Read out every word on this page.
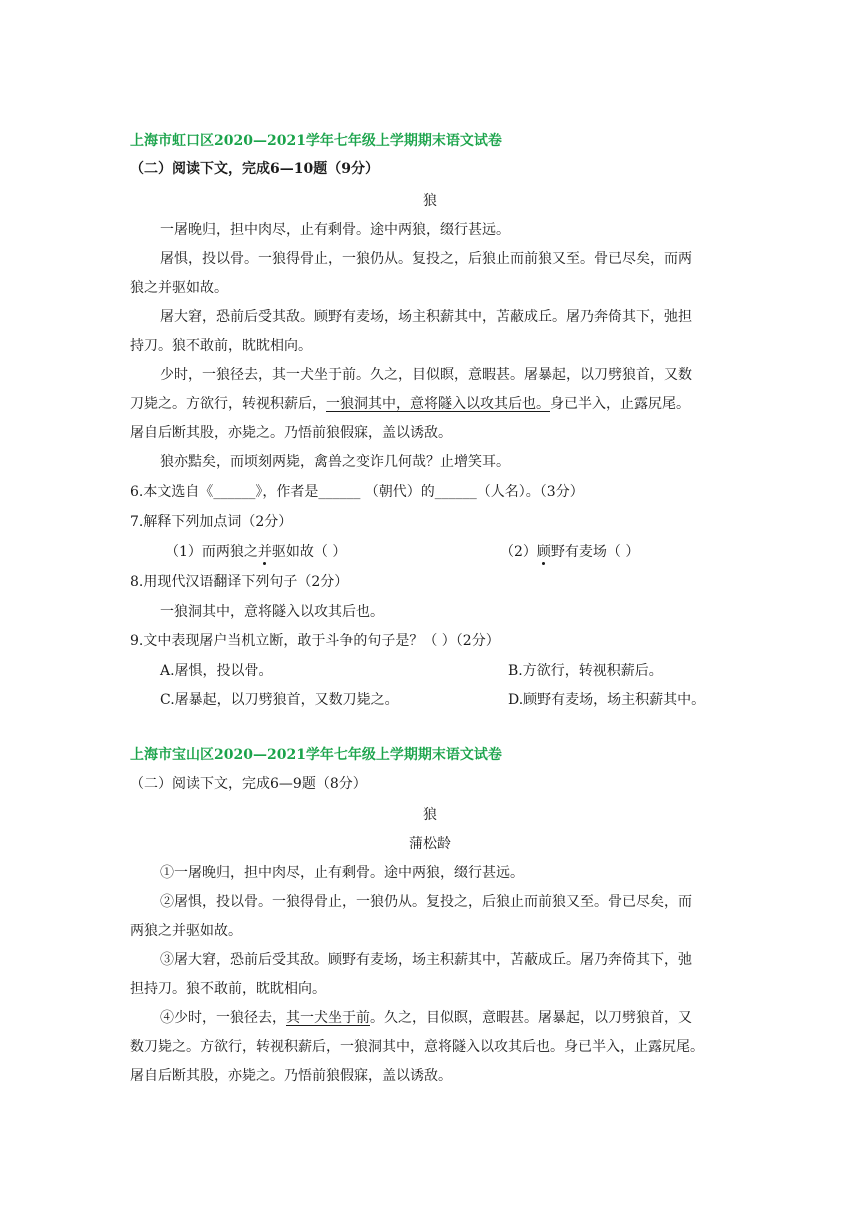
上海市虹口区2020—2021学年七年级上学期期末语文试卷
（二）阅读下文，完成6—10题（9分）
狼
一屠晚归，担中肉尽，止有剩骨。途中两狼，缀行甚远。
屠惧，投以骨。一狼得骨止，一狼仍从。复投之，后狼止而前狼又至。骨已尽矣，而两
狼之并驱如故。
屠大窘，恐前后受其敌。顾野有麦场，场主积薪其中，苫蔽成丘。屠乃奔倚其下，弛担
持刀。狼不敢前，眈眈相向。
少时，一狼径去，其一犬坐于前。久之，目似瞑，意暇甚。屠暴起，以刀劈狼首，又数
刀毙之。方欲行，转视积薪后，一狼洞其中，意将隧入以攻其后也。身已半入，止露尻尾。
屠自后断其股，亦毙之。乃悟前狼假寐，盖以诱敌。
狼亦黠矣，而顷刻两毙，禽兽之变诈几何哉？止增笑耳。
6.本文选自《______》，作者是______ （朝代）的______（人名）。（3分）
7.解释下列加点词（2分）
（1）而两狼之并驱如故（ ）	（2）顾野有麦场（ ）
8.用现代汉语翻译下列句子（2分）
一狼洞其中，意将隧入以攻其后也。
9.文中表现屠户当机立断，敢于斗争的句子是？（ ）（2分）
A.屠惧，投以骨。	B.方欲行，转视积薪后。
C.屠暴起，以刀劈狼首，又数刀毙之。	D.顾野有麦场，场主积薪其中。
上海市宝山区2020—2021学年七年级上学期期末语文试卷
（二）阅读下文，完成6—9题（8分）
狼
蒲松龄
①一屠晚归，担中肉尽，止有剩骨。途中两狼，缀行甚远。
②屠惧，投以骨。一狼得骨止，一狼仍从。复投之，后狼止而前狼又至。骨已尽矣，而
两狼之并驱如故。
③屠大窘，恐前后受其敌。顾野有麦场，场主积薪其中，苫蔽成丘。屠乃奔倚其下，弛
担持刀。狼不敢前，眈眈相向。
④少时，一狼径去，其一犬坐于前。久之，目似瞑，意暇甚。屠暴起，以刀劈狼首，又
数刀毙之。方欲行，转视积薪后，一狼洞其中，意将隧入以攻其后也。身已半入，止露尻尾。
屠自后断其股，亦毙之。乃悟前狼假寐，盖以诱敌。
